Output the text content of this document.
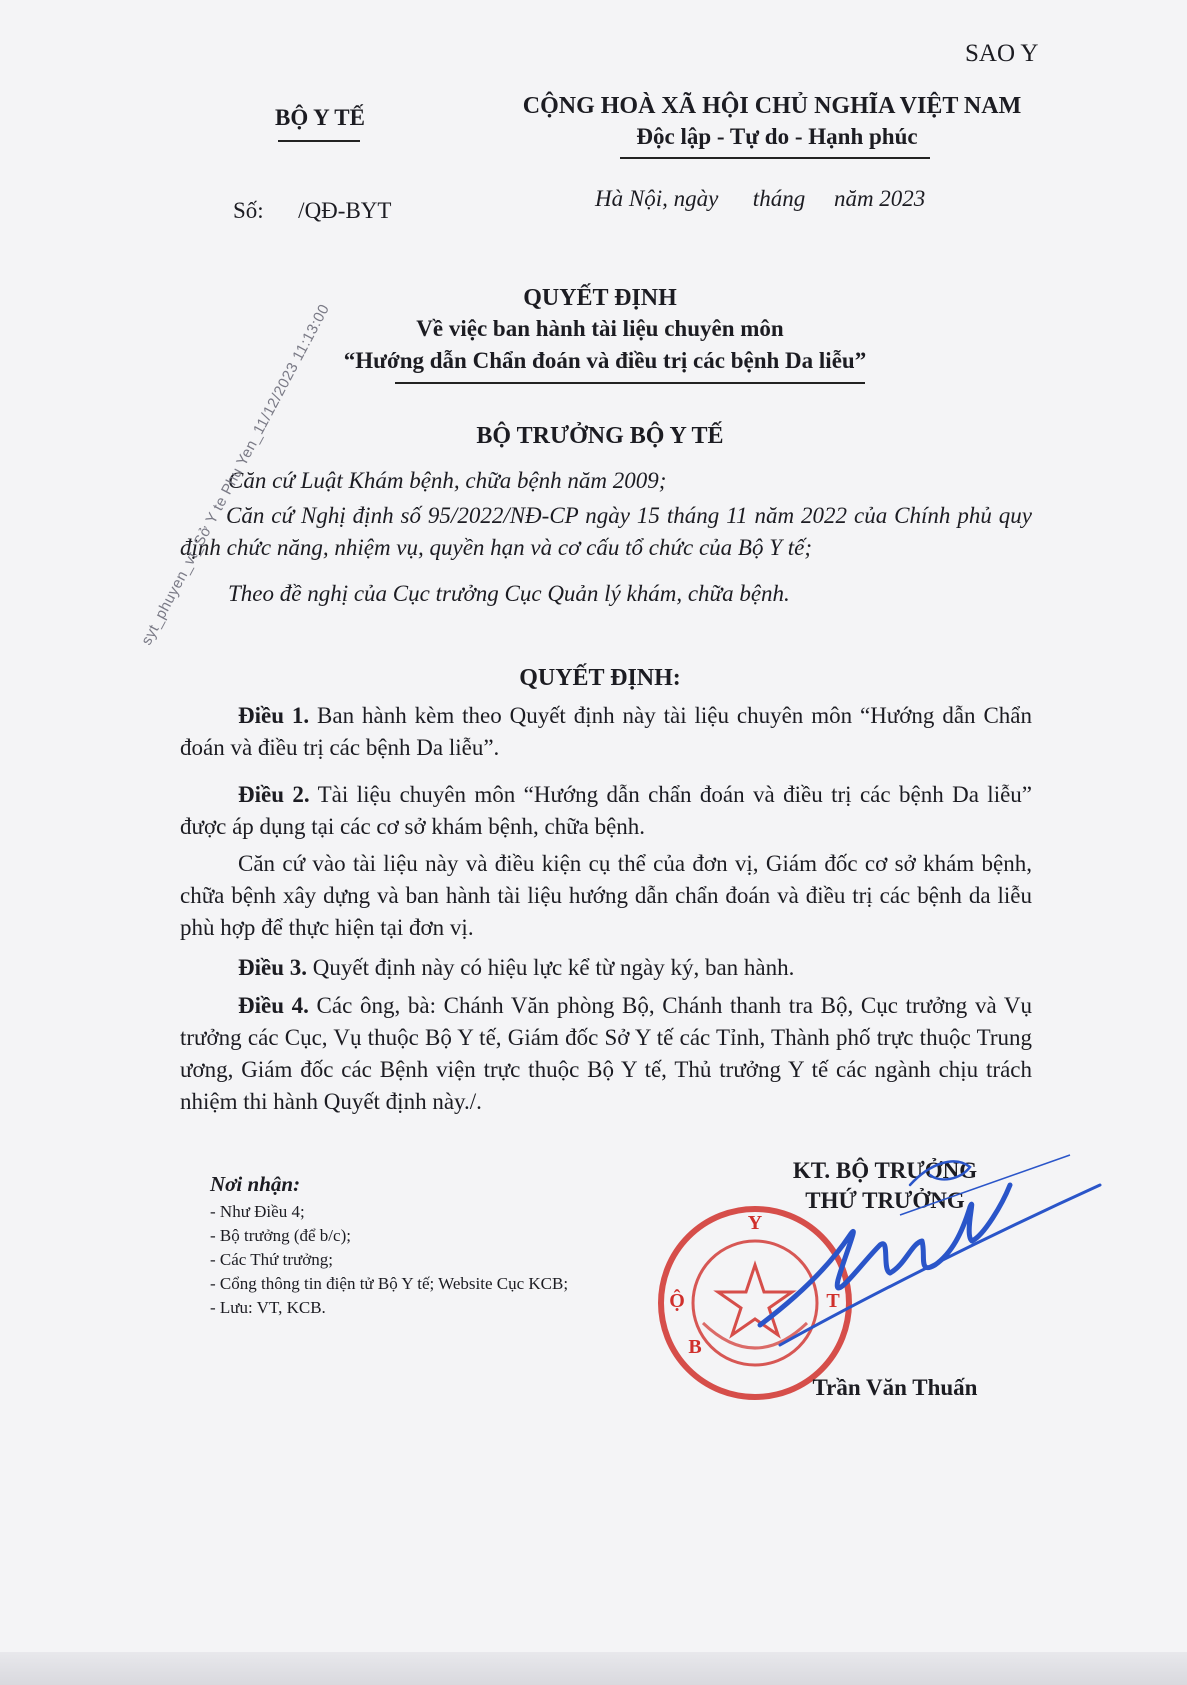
SAO Y
BỘ Y TẾ	CỘNG HOÀ XÃ HỘI CHỦ NGHĨA VIỆT NAM
Độc lập - Tự do - Hạnh phúc
Số:      /QĐ-BYT	Hà Nội, ngày      tháng     năm 2023
QUYẾT ĐỊNH
Về việc ban hành tài liệu chuyên môn
“Hướng dẫn Chẩn đoán và điều trị các bệnh Da liễu”
BỘ TRƯỞNG BỘ Y TẾ
Căn cứ Luật Khám bệnh, chữa bệnh năm 2009;
Căn cứ Nghị định số 95/2022/NĐ-CP ngày 15 tháng 11 năm 2022 của Chính phủ quy định chức năng, nhiệm vụ, quyền hạn và cơ cấu tổ chức của Bộ Y tế;
Theo đề nghị của Cục trưởng Cục Quản lý khám, chữa bệnh.
QUYẾT ĐỊNH:
Điều 1. Ban hành kèm theo Quyết định này tài liệu chuyên môn “Hướng dẫn Chẩn đoán và điều trị các bệnh Da liễu”.
Điều 2. Tài liệu chuyên môn “Hướng dẫn chẩn đoán và điều trị các bệnh Da liễu” được áp dụng tại các cơ sở khám bệnh, chữa bệnh.
Căn cứ vào tài liệu này và điều kiện cụ thể của đơn vị, Giám đốc cơ sở khám bệnh, chữa bệnh xây dựng và ban hành tài liệu hướng dẫn chẩn đoán và điều trị các bệnh da liễu phù hợp để thực hiện tại đơn vị.
Điều 3. Quyết định này có hiệu lực kể từ ngày ký, ban hành.
Điều 4. Các ông, bà: Chánh Văn phòng Bộ, Chánh thanh tra Bộ, Cục trưởng và Vụ trưởng các Cục, Vụ thuộc Bộ Y tế, Giám đốc Sở Y tế các Tỉnh, Thành phố trực thuộc Trung ương, Giám đốc các Bệnh viện trực thuộc Bộ Y tế, Thủ trưởng Y tế các ngành chịu trách nhiệm thi hành Quyết định này./.
Nơi nhận:
- Như Điều 4;
- Bộ trưởng (để b/c);
- Các Thứ trưởng;
- Cổng thông tin điện tử Bộ Y tế; Website Cục KCB;
- Lưu: VT, KCB.
KT. BỘ TRƯỞNG
THỨ TRƯỞNG
Y
Ộ	T
B
Trần Văn Thuấn
syt_phuyen_vt_Sở Y te Phu Yen_11/12/2023 11:13:00
